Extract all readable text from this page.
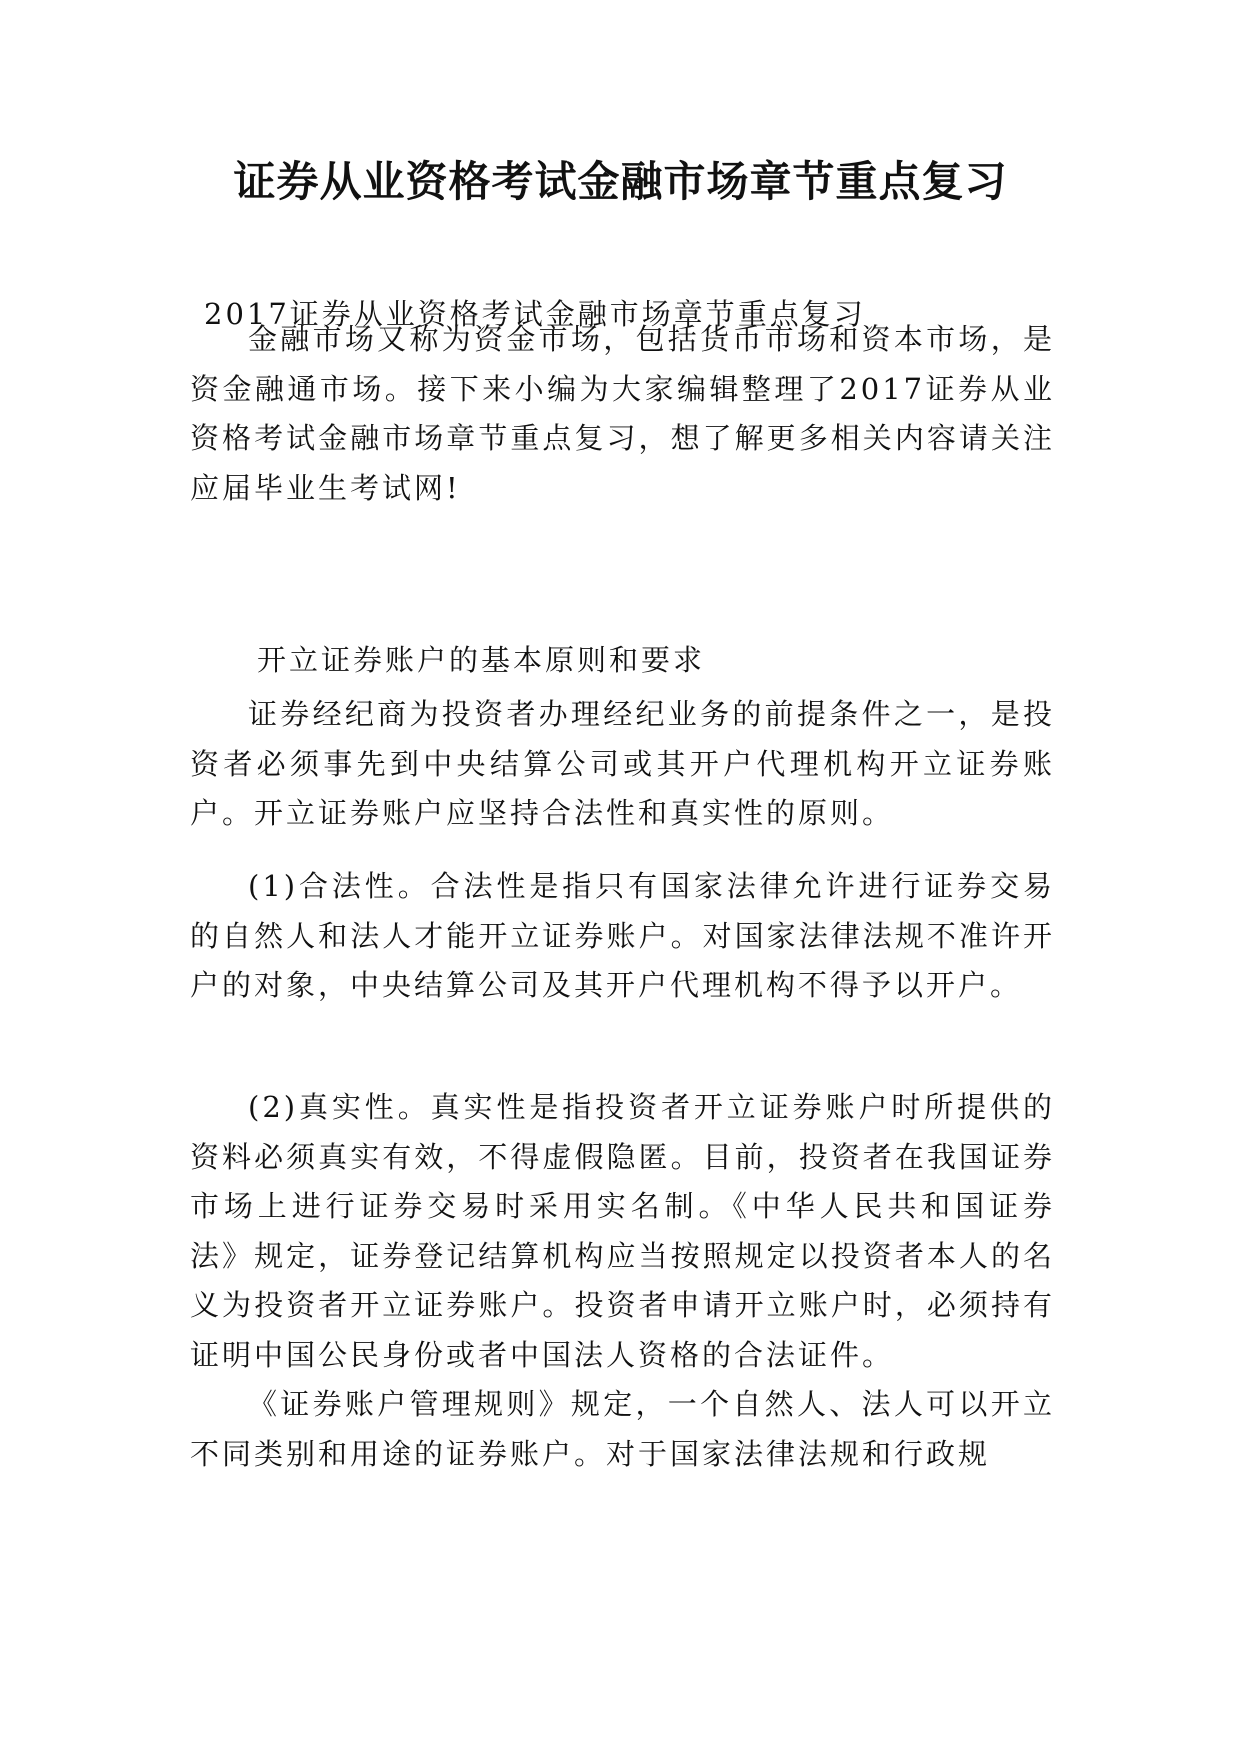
证券从业资格考试金融市场章节重点复习

2017证券从业资格考试金融市场章节重点复习

金融市场又称为资金市场，包括货币市场和资本市场，是资金融通市场。接下来小编为大家编辑整理了2017证券从业资格考试金融市场章节重点复习，想了解更多相关内容请关注应届毕业生考试网!

开立证券账户的基本原则和要求

证券经纪商为投资者办理经纪业务的前提条件之一，是投资者必须事先到中央结算公司或其开户代理机构开立证券账户。开立证券账户应坚持合法性和真实性的原则。

(1)合法性。合法性是指只有国家法律允许进行证券交易的自然人和法人才能开立证券账户。对国家法律法规不准许开户的对象，中央结算公司及其开户代理机构不得予以开户。

(2)真实性。真实性是指投资者开立证券账户时所提供的资料必须真实有效，不得虚假隐匿。目前，投资者在我国证券市场上进行证券交易时采用实名制。《中华人民共和国证券法》规定，证券登记结算机构应当按照规定以投资者本人的名义为投资者开立证券账户。投资者申请开立账户时，必须持有证明中国公民身份或者中国法人资格的合法证件。

《证券账户管理规则》规定，一个自然人、法人可以开立不同类别和用途的证券账户。对于国家法律法规和行政规
